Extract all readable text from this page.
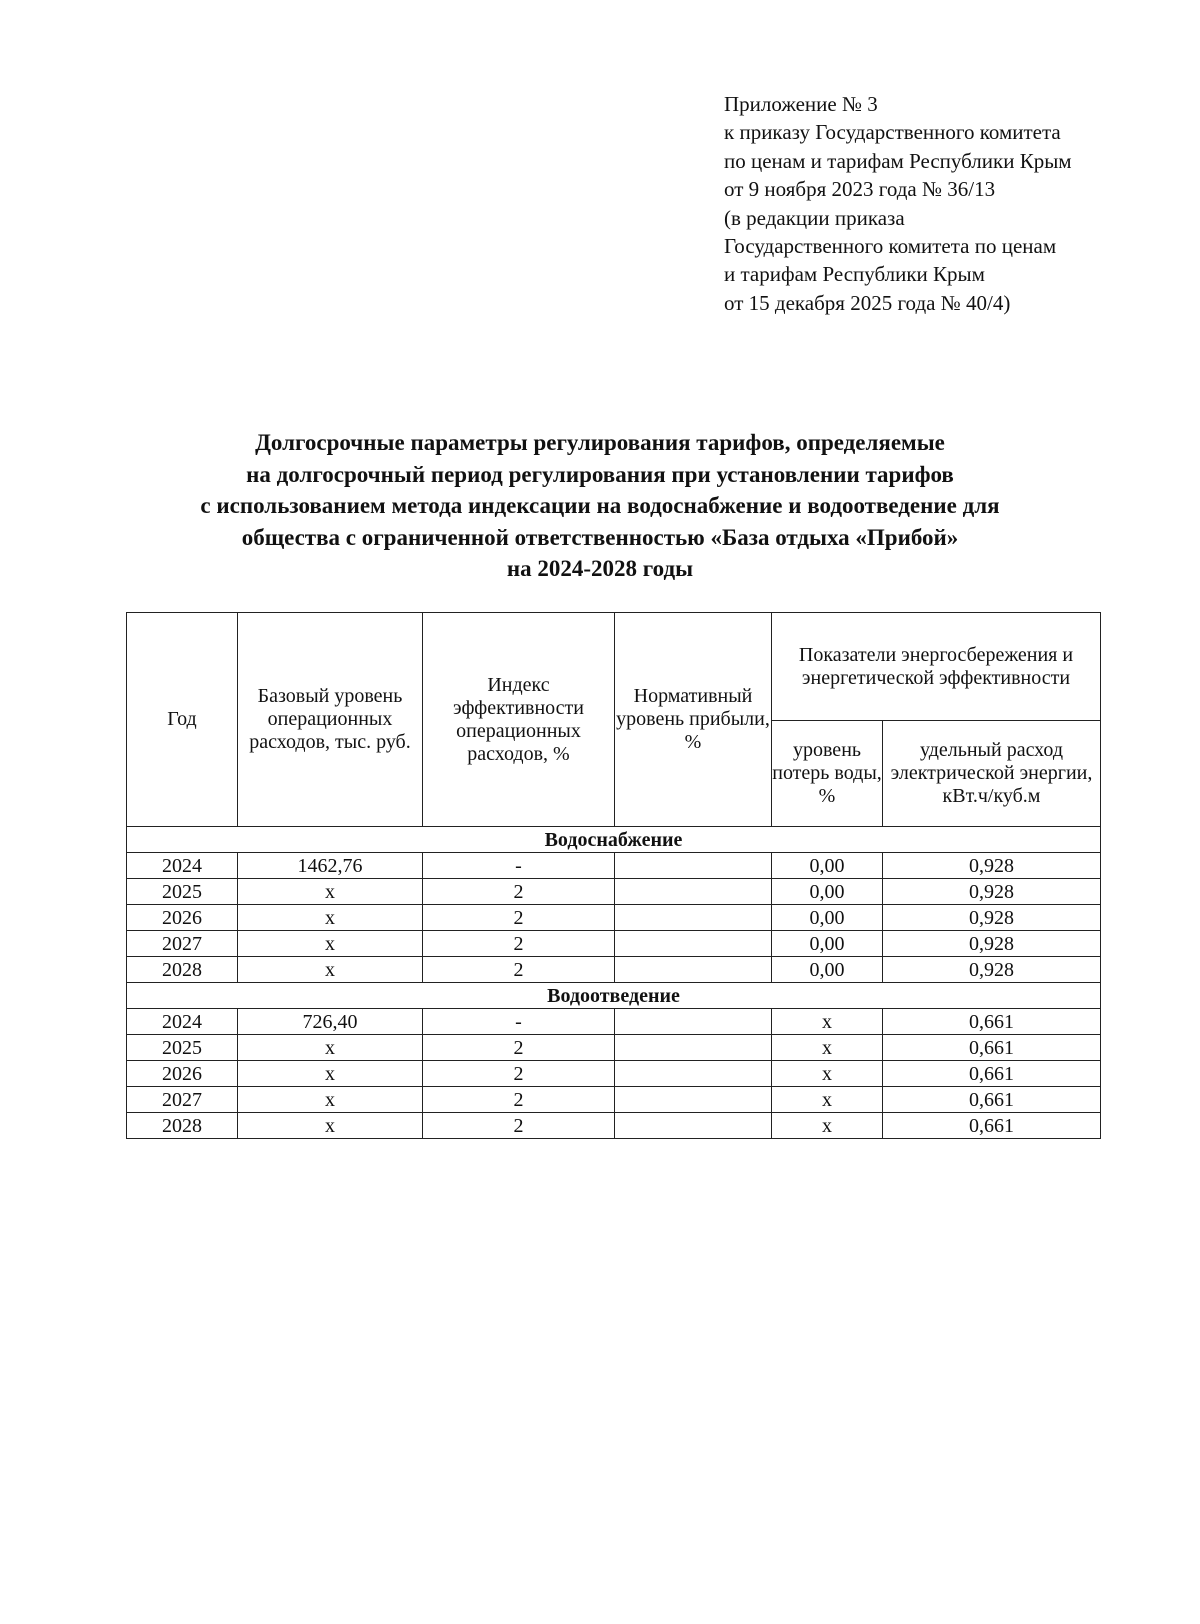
Приложение № 3
к приказу Государственного комитета
по ценам и тарифам Республики Крым
от 9 ноября 2023 года № 36/13
(в редакции приказа
Государственного комитета по ценам
и тарифам Республики Крым
от 15 декабря 2025 года № 40/4)
Долгосрочные параметры регулирования тарифов, определяемые
на долгосрочный период регулирования при установлении тарифов
с использованием метода индексации на водоснабжение и водоотведение для
общества с ограниченной ответственностью «База отдыха «Прибой»
на 2024-2028 годы
Год	Базовый уровень операционных расходов, тыс. руб.	Индекс эффективности операционных расходов, %	Нормативный уровень прибыли, %	Показатели энергосбережения и энергетической эффективности	
				уровень потерь воды, %	удельный расход электрической энергии, кВт.ч/куб.м
Водоснабжение					
2024	1462,76	-		0,00	0,928
2025	х	2		0,00	0,928
2026	х	2		0,00	0,928
2027	х	2		0,00	0,928
2028	х	2		0,00	0,928
Водоотведение					
2024	726,40	-		х	0,661
2025	х	2		х	0,661
2026	х	2		х	0,661
2027	х	2		х	0,661
2028	х	2		х	0,661
